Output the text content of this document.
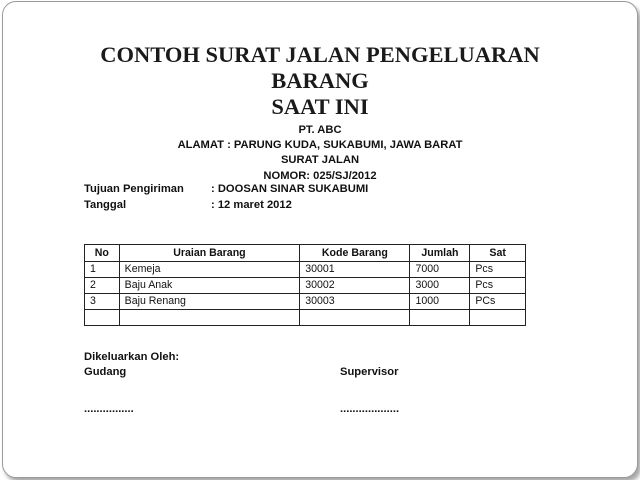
CONTOH SURAT JALAN PENGELUARAN
BARANG
SAAT INI
PT. ABC
ALAMAT : PARUNG KUDA, SUKABUMI, JAWA BARAT
SURAT JALAN
NOMOR: 025/SJ/2012
Tujuan Pengiriman : DOOSAN SINAR SUKABUMI
Tanggal	: 12 maret 2012
No	Uraian Barang	Kode Barang	Jumlah	Sat
1	Kemeja	30001	7000	Pcs
2	Baju Anak	30002	3000	Pcs
3	Baju Renang	30003	1000	PCs

Dikeluarkan Oleh:
Gudang	Supervisor
................	...................
